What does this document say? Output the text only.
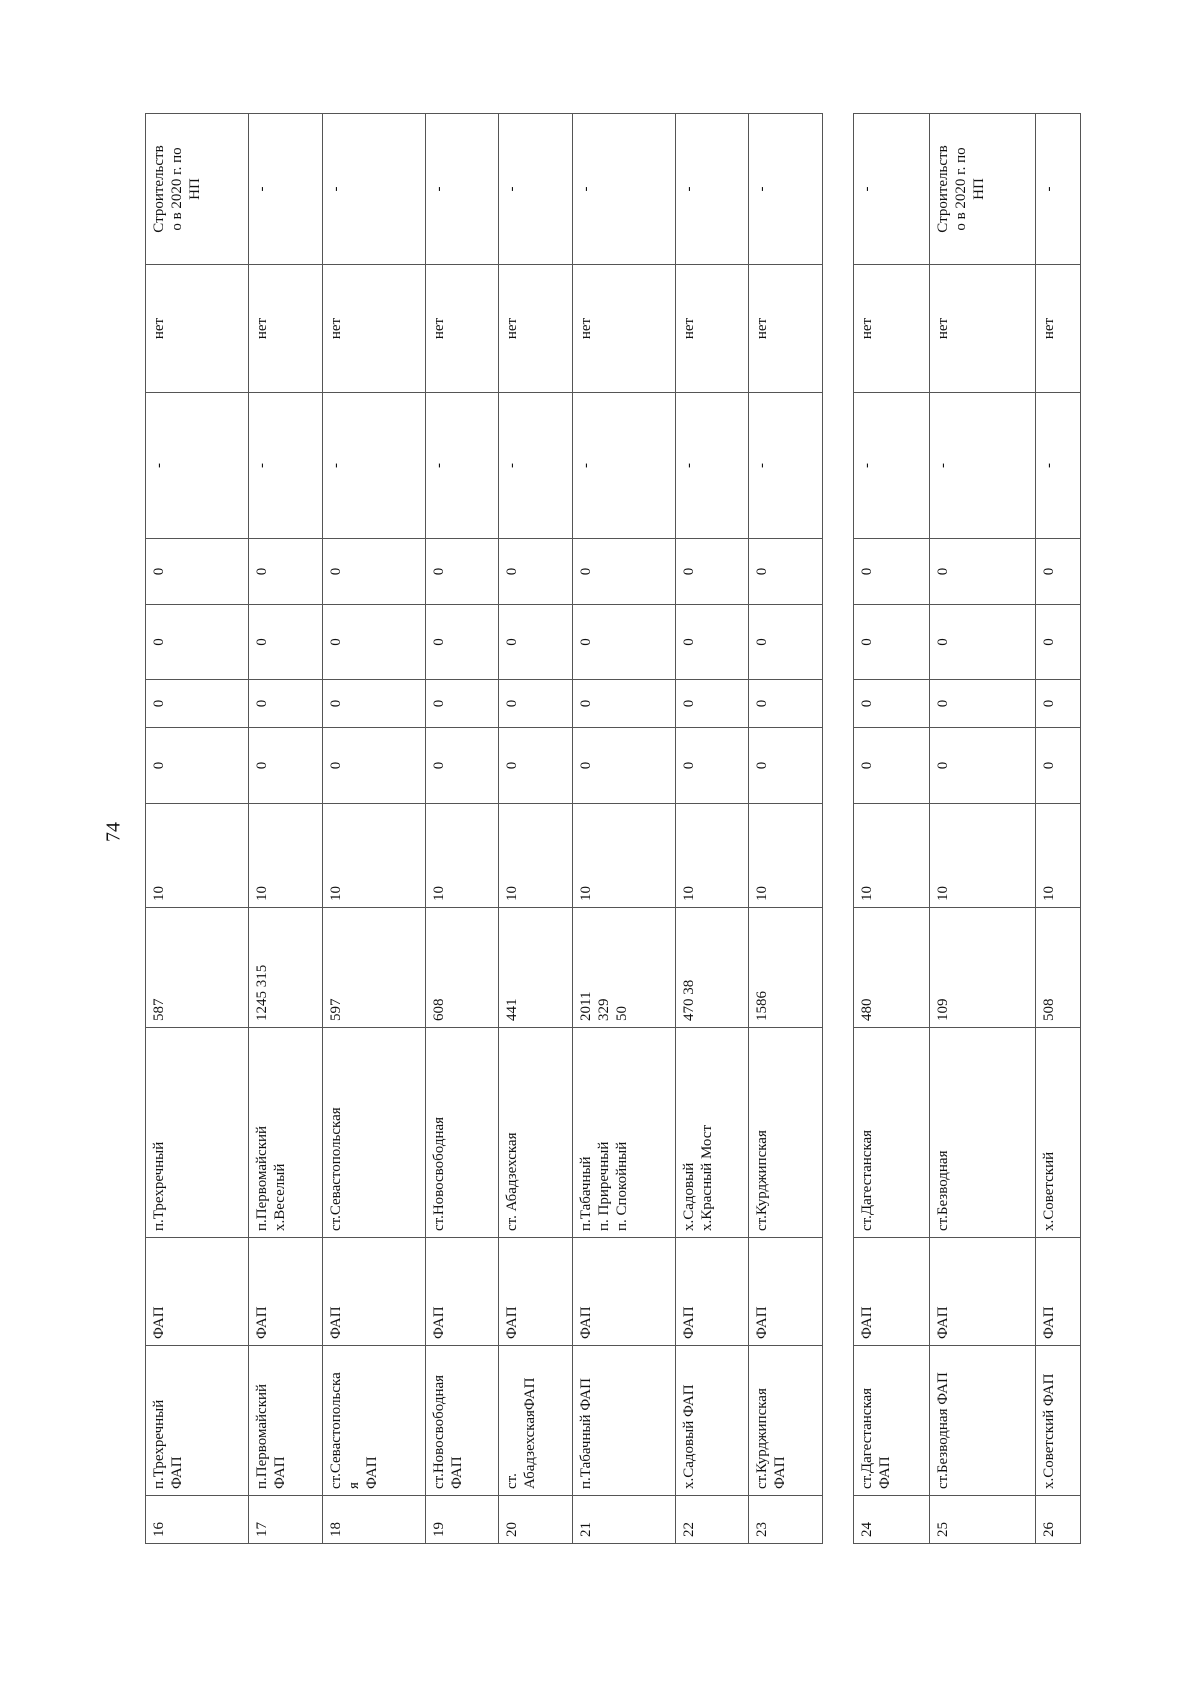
74
16	п.Трехречный ФАП	ФАП	п.Трехречный	587	10	0	0	0	0	-	нет	Строительств о в 2020 г. по НП

17	п.Первомайский ФАП	ФАП	п.Первомайский х.Веселый	1245 315	10	0	0	0	0	-	нет	-

18	ст.Севастопольска я ФАП	ФАП	ст.Севастопольская	597	10	0	0	0	0	-	нет	-

19	ст.Новосвободная ФАП	ФАП	ст.Новосвободная	608	10	0	0	0	0	-	нет	-

20	ст. АбадзехскаяФАП	ФАП	ст. Абадзехская	441	10	0	0	0	0	-	нет	-

21	п.Табачный ФАП	ФАП	п.Табачный п. Приречный п. Спокойный	2011 329 50	10	0	0	0	0	-	нет	-

22	х.Садовый ФАП	ФАП	х.Садовый х.Красный Мост	470 38	10	0	0	0	0	-	нет	-

23	ст.Курджипская ФАП	ФАП	ст.Курджипская	1586	10	0	0	0	0	-	нет	-
24	ст.Дагестанская ФАП	ФАП	ст.Дагестанская	480	10	0	0	0	0	-	нет	-

25	ст.Безводная ФАП	ФАП	ст.Безводная	109	10	0	0	0	0	-	нет	Строительств о в 2020 г. по НП

26	х.Советский ФАП	ФАП	х.Советский	508	10	0	0	0	0	-	нет	-
